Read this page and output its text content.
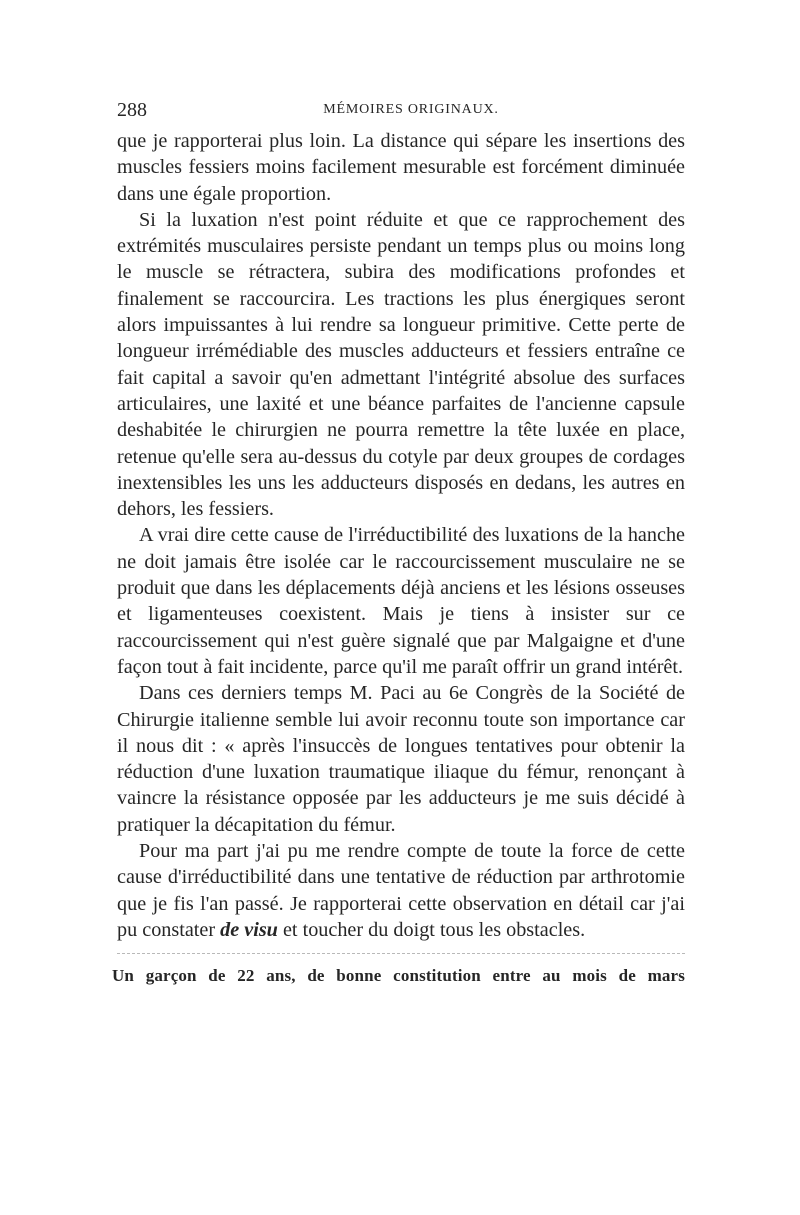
288	MÉMOIRES ORIGINAUX.

que je rapporterai plus loin. La distance qui sépare les insertions des muscles fessiers moins facilement mesurable est forcément diminuée dans une égale proportion.

Si la luxation n'est point réduite et que ce rapprochement des extrémités musculaires persiste pendant un temps plus ou moins long le muscle se rétractera, subira des modifications profondes et finalement se raccourcira. Les tractions les plus énergiques seront alors impuissantes à lui rendre sa longueur primitive. Cette perte de longueur irrémédiable des muscles adducteurs et fessiers entraîne ce fait capital a savoir qu'en admettant l'intégrité absolue des surfaces articulaires, une laxité et une béance parfaites de l'ancienne capsule deshabitée le chirurgien ne pourra remettre la tête luxée en place, retenue qu'elle sera au-dessus du cotyle par deux groupes de cordages inextensibles les uns les adducteurs disposés en dedans, les autres en dehors, les fessiers.

A vrai dire cette cause de l'irréductibilité des luxations de la hanche ne doit jamais être isolée car le raccourcissement musculaire ne se produit que dans les déplacements déjà anciens et les lésions osseuses et ligamenteuses coexistent. Mais je tiens à insister sur ce raccourcissement qui n'est guère signalé que par Malgaigne et d'une façon tout à fait incidente, parce qu'il me paraît offrir un grand intérêt.

Dans ces derniers temps M. Paci au 6e Congrès de la Société de Chirurgie italienne semble lui avoir reconnu toute son importance car il nous dit : « après l'insuccès de longues tentatives pour obtenir la réduction d'une luxation traumatique iliaque du fémur, renonçant à vaincre la résistance opposée par les adducteurs je me suis décidé à pratiquer la décapitation du fémur.

Pour ma part j'ai pu me rendre compte de toute la force de cette cause d'irréductibilité dans une tentative de réduction par arthrotomie que je fis l'an passé. Je rapporterai cette observation en détail car j'ai pu constater de visu et toucher du doigt tous les obstacles.

Un garçon de 22 ans, de bonne constitution entre au mois de mars
